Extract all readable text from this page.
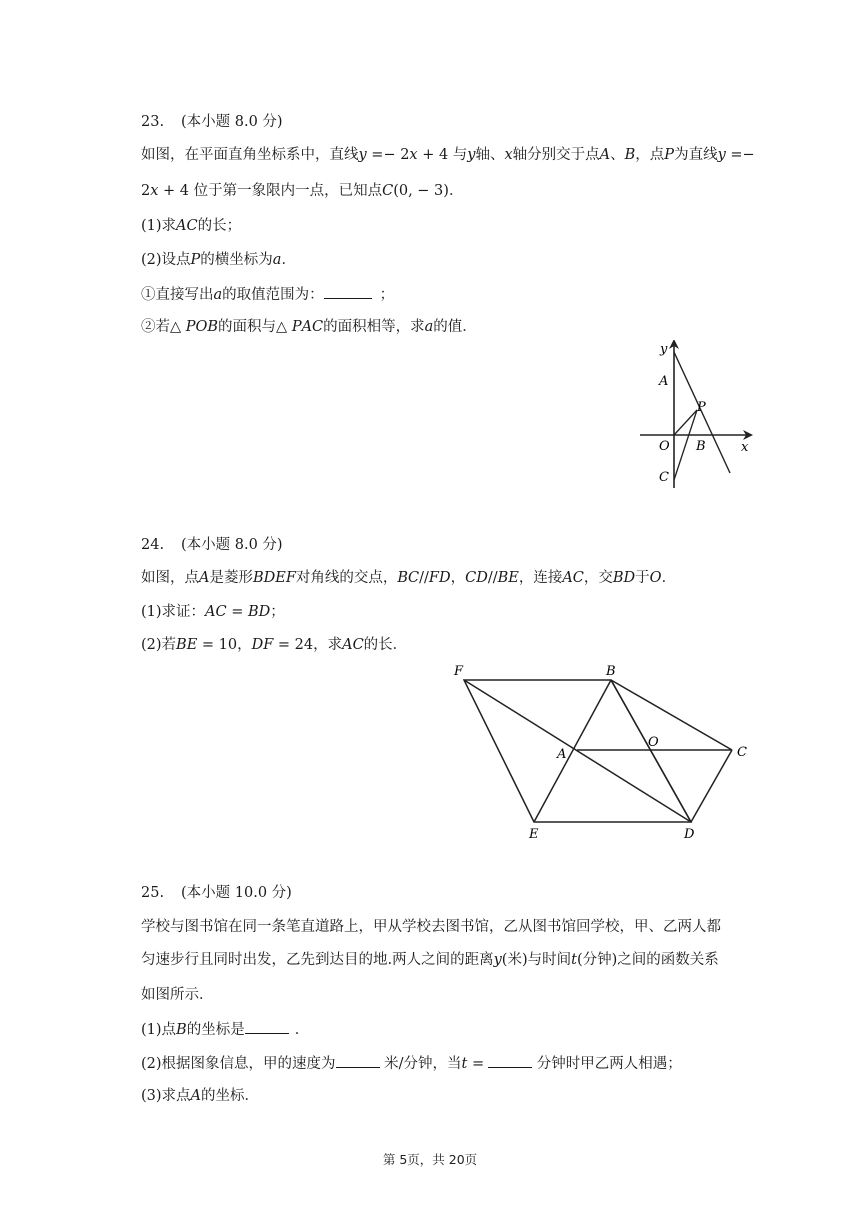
23. (本小题 8.0 分)
如图，在平面直角坐标系中，直线𝑦 =− 2𝑥 + 4 与𝑦轴、𝑥轴分别交于点𝐴、𝐵，点𝑃为直线𝑦 =−
2𝑥 + 4 位于第一象限内一点，已知点𝐶(0, − 3)．
(1)求𝐴𝐶的长；
(2)设点𝑃的横坐标为𝑎．
①直接写出𝑎的取值范围为：	；
②若△ 𝑃𝑂𝐵的面积与△ 𝑃𝐴𝐶的面积相等，求𝑎的值．
y
x
A
P
O B
C
24. (本小题 8.0 分)
如图，点𝐴是菱形𝐵𝐷𝐸𝐹对角线的交点，𝐵𝐶//𝐹𝐷，𝐶𝐷//𝐵𝐸，连接𝐴𝐶，交𝐵𝐷于𝑂．
(1)求证：𝐴𝐶 = 𝐵𝐷；
(2)若𝐵𝐸 = 10，𝐷𝐹 = 24，求𝐴𝐶的长．
F	B
O
A	C
E	D
25. (本小题 10.0 分)
学校与图书馆在同一条笔直道路上，甲从学校去图书馆，乙从图书馆回学校，甲、乙两人都
匀速步行且同时出发，乙先到达目的地.两人之间的距离𝑦(米)与时间𝑡(分钟)之间的函数关系
如图所示．
(1)点𝐵的坐标是	．
(2)根据图象信息，甲的速度为	米/分钟，当𝑡 =	分钟时甲乙两人相遇；
(3)求点𝐴的坐标．
第 5页，共 20页
